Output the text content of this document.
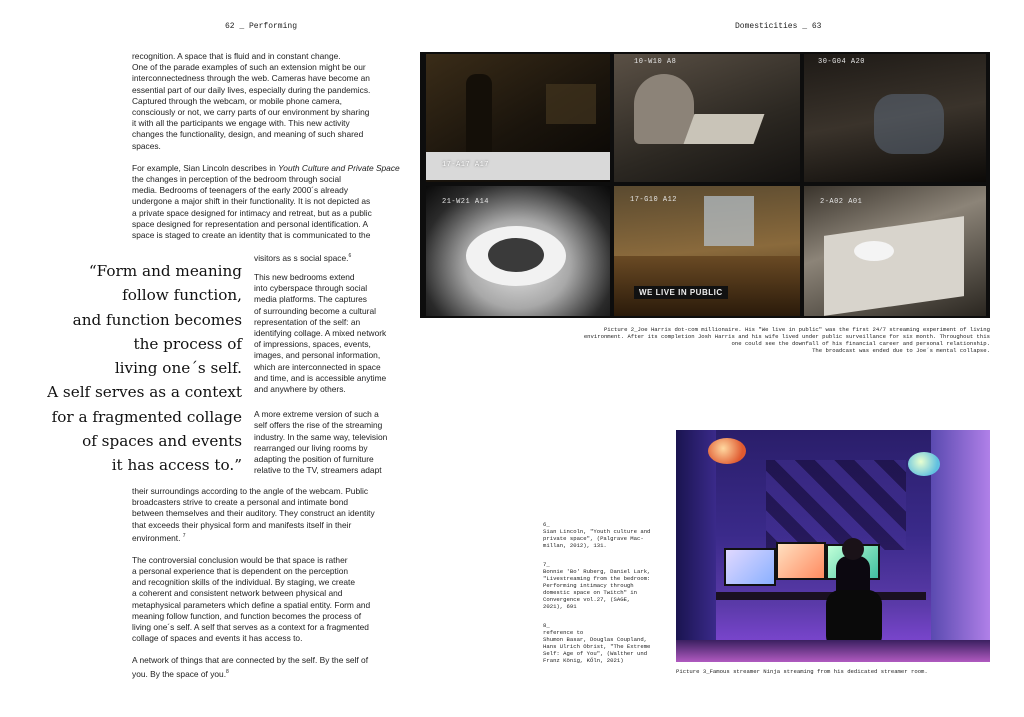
62 _ Performing	Domesticities _ 63

recognition. A space that is fluid and in constant change.
One of the parade examples of such an extension might be our
interconnectedness through the web. Cameras have become an
essential part of our daily lives, especially during the pandemics.
Captured through the webcam, or mobile phone camera,
consciously or not, we carry parts of our environment by sharing
it with all the participants we engage with. This new activity
changes the functionality, design, and meaning of such shared
spaces.

For example, Sian Lincoln describes in Youth Culture and Private Space the changes in perception of the bedroom through social
media. Bedrooms of teenagers of the early 2000´s already
undergone a major shift in their functionality. It is not depicted as
a private space designed for intimacy and retreat, but as a public
space designed for representation and personal identification. A
space is staged to create an identity that is communicated to the

visitors as s social space.$^6$

This new bedrooms extend
into cyberspace through social
media platforms. The captures
of surrounding become a cultural
representation of the self: an
identifying collage. A mixed network
of impressions, spaces, events,
images, and personal information,
which are interconnected in space
and time, and is accessible anytime
and anywhere by others.

A more extreme version of such a
self offers the rise of the streaming
industry. In the same way, television
rearranged our living rooms by
adapting the position of furniture
relative to the TV, streamers adapt

their surroundings according to the angle of the webcam. Public
broadcasters strive to create a personal and intimate bond
between themselves and their auditory. They construct an identity
that exceeds their physical form and manifests itself in their
environment. $^7$

The controversial conclusion would be that space is rather
a personal experience that is dependent on the perception
and recognition skills of the individual. By staging, we create
a coherent and consistent network between physical and
metaphysical parameters which define a spatial entity. Form and
meaning follow function, and function becomes the process of
living one´s self. A self that serves as a context for a fragmented
collage of spaces and events it has access to.

A network of things that are connected by the self. By the self of
you. By the space of you.$^8$

“Form and meaning
follow function,
and function becomes
the process of
living one´s self.
A self serves as a context
for a fragmented collage
of spaces and events
it has access to.”
10-W10 A8	30-G04 A20
17-A17 A17
21-W21 A14	17-G10 A12
WE LIVE IN PUBLIC
2-A02 A01
Picture 2_Joe Harris dot-com millionaire. His "We live in public" was the first 24/7 streaming experiment of living
environment. After its completion Josh Harris and his wife lived under public surveillance for six month. Throughout this
one could see the downfall of his financial career and personal relationship.
The broadcast was ended due to Joe´s mental collapse.

6_
Sian Lincoln, "Youth culture and
private space", (Palgrave Mac-
millan, 2012), 131.

7_
Bonnie 'Bo' Ruberg, Daniel Lark,
"Livestreaming from the bedroom:
Performing intimacy through
domestic space on Twitch" in
Convergence vol.27, (SAGE,
2021), 691

8_
reference to
Shumon Basar, Douglas Coupland,
Hans Ulrich Obrist, "The Extreme
Self: Age of You", (Walther und
Franz König, KÖln, 2021)

Picture 3_Famous streamer Ninja streaming from his dedicated streamer room.
